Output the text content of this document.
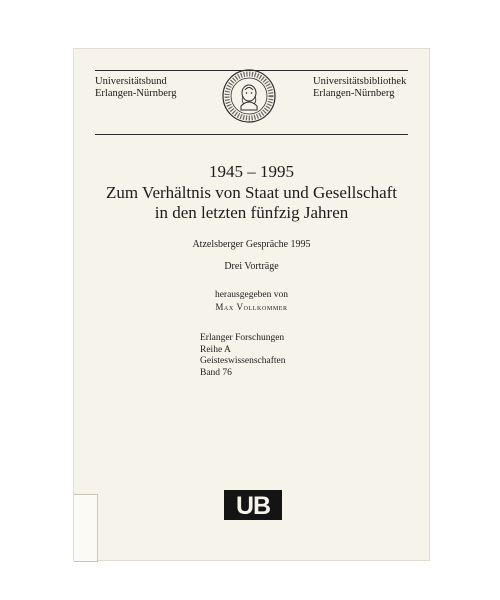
Universitätsbund
Erlangen-Nürnberg
Universitätsbibliothek
Erlangen-Nürnberg
1945 – 1995
Zum Verhältnis von Staat und Gesellschaft
in den letzten fünfzig Jahren
Atzelsberger Gespräche 1995
Drei Vorträge
herausgegeben von
Max Vollkommer
Erlanger Forschungen
Reihe A
Geisteswissenschaften
Band 76
UB
